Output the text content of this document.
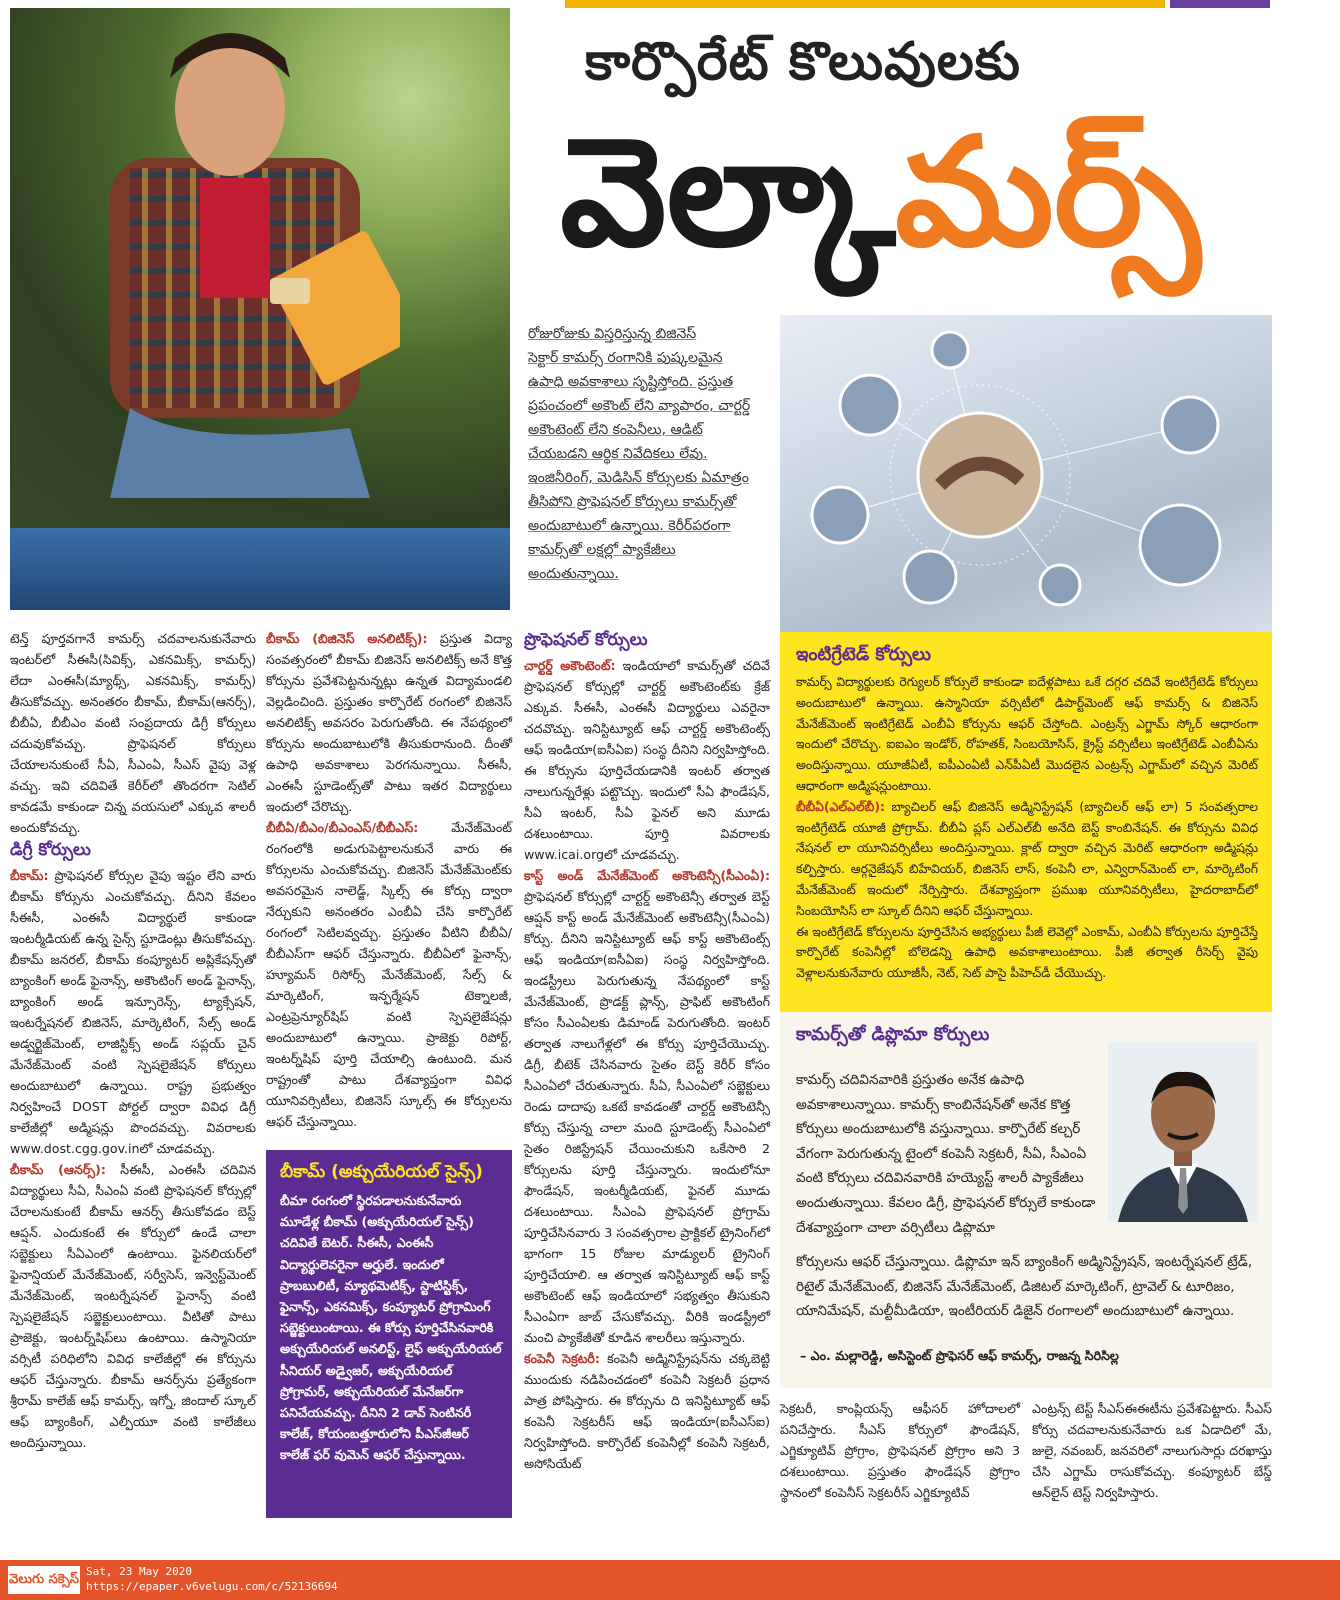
కార్పొరేట్ కొలువులకు
వెల్కామర్స్

రోజురోజుకు విస్తరిస్తున్న బిజినెస్

సెక్టార్ కామర్స్ రంగానికి పుష్కలమైన

ఉపాధి అవకాశాలు సృష్టిస్తోంది. ప్రస్తుత

ప్రపంచంలో అకౌంట్ లేని వ్యాపారం, చార్టర్డ్

అకౌంటెంట్ లేని కంపెనీలు, ఆడిట్

చేయబడని ఆర్థిక నివేదికలు లేవు.

ఇంజినీరింగ్, మెడిసిన్ కోర్సులకు ఏమాత్రం

తీసిపోని ప్రొఫెషనల్ కోర్సులు కామర్స్‌తో

అందుబాటులో ఉన్నాయి. కెరీర్‌పరంగా

కామర్స్‌తో లక్షల్లో ప్యాకేజీలు

అందుతున్నాయి.

టెన్త్ పూర్తవగానే కామర్స్ చదవాలనుకునేవారు ఇంటర్‌లో సీఈసీ(సివిక్స్, ఎకనమిక్స్, కామర్స్) లేదా ఎంఈసీ(మ్యాథ్స్, ఎకనమిక్స్, కామర్స్) తీసుకోవచ్చు. అనంతరం బీకామ్, బీకామ్(ఆనర్స్), బీబీఏ, బీబీఎం వంటి సంప్రదాయ డిగ్రీ కోర్సులు చదువుకోవచ్చు. ప్రొఫెషనల్ కోర్సులు చేయాలనుకుంటే సీఏ, సీఎంఏ, సీఎస్ వైపు వెళ్ల వచ్చు. ఇవి చదివితే కెరీర్‌లో తొందరగా సెటిల్ కావడమే కాకుండా చిన్న వయసులో ఎక్కువ శాలరీ అందుకోవచ్చు.

డిగ్రీ కోర్సులు

బీకామ్: ప్రొఫెషనల్ కోర్సుల వైపు ఇష్టం లేని వారు బీకామ్ కోర్సును ఎంచుకోవచ్చు. దీనిని కేవలం సీఈసీ, ఎంఈసీ విద్యార్థులే కాకుండా ఇంటర్మీడియట్ ఉన్న సైన్స్ స్టూడెంట్లు తీసుకోవచ్చు. బీకామ్ జనరల్, బీకామ్ కంప్యూటర్ అప్లికేషన్స్‌తో బ్యాంకింగ్ అండ్ ఫైనాన్స్, అకౌంటింగ్ అండ్ ఫైనాన్స్, బ్యాంకింగ్ అండ్ ఇన్సూరెన్స్, ట్యాక్సేషన్, ఇంటర్నేషనల్ బిజినెస్, మార్కెటింగ్, సేల్స్ అండ్ అడ్వర్టైజ్‌మెంట్, లాజిస్టిక్స్ అండ్ సప్లయ్ చైన్ మేనేజ్‌మెంట్ వంటి స్పెషలైజేషన్ కోర్సులు అందుబాటులో ఉన్నాయి. రాష్ట్ర ప్రభుత్వం నిర్వహించే DOST పోర్టల్ ద్వారా వివిధ డిగ్రీ కాలేజీల్లో అడ్మిషన్లు పొందవచ్చు. వివరాలకు www.dost.cgg.gov.inలో చూడవచ్చు.

బీకామ్ (ఆనర్స్): సీఈసీ, ఎంఈసీ చదివిన విద్యార్థులు సీఏ, సీఎంఏ వంటి ప్రొఫెషనల్ కోర్సుల్లో చేరాలనుకుంటే బీకామ్ ఆనర్స్ తీసుకోవడం బెస్ట్ ఆప్షన్. ఎందుకంటే ఈ కోర్సులో ఉండే చాలా సబ్జెక్టులు సీఏఎంలో ఉంటాయి. ఫైనలియర్‌లో ఫైనాన్షియల్ మేనేజ్‌మెంట్, సర్వీసెస్, ఇన్వెస్ట్‌మెంట్ మేనేజ్‌మెంట్, ఇంటర్నేషనల్ ఫైనాన్స్ వంటి స్పెషలైజేషన్ సబ్జెక్టులుంటాయి. వీటితో పాటు ప్రాజెక్టు, ఇంటర్న్‌షిప్‌లు ఉంటాయి. ఉస్మానియా వర్సిటీ పరిధిలోని వివిధ కాలేజీల్లో ఈ కోర్సును ఆఫర్ చేస్తున్నారు. బీకామ్ ఆనర్స్‌ను ప్రత్యేకంగా శ్రీరామ్ కాలేజ్ ఆఫ్ కామర్స్, ఇగ్నో, జిందాల్ స్కూల్ ఆఫ్ బ్యాంకింగ్, ఎల్పీయూ వంటి కాలేజీలు అందిస్తున్నాయి.

బీకామ్ (బిజినెస్ అనలిటిక్స్): ప్రస్తుత విద్యా సంవత్సరంలో బీకామ్ బిజినెస్ అనలిటిక్స్ అనే కొత్త కోర్సును ప్రవేశపెట్టనున్నట్లు ఉన్నత విద్యామండలి వెల్లడించింది. ప్రస్తుతం కార్పొరేట్ రంగంలో బిజినెస్ అనలిటిక్స్ అవసరం పెరుగుతోంది. ఈ నేపథ్యంలో కోర్సును అందుబాటులోకి తీసుకురానుంది. దీంతో ఉపాధి అవకాశాలు పెరగనున్నాయి. సీఈసీ, ఎంఈసీ స్టూడెంట్స్‌తో పాటు ఇతర విద్యార్థులు ఇందులో చేరొచ్చు.

బీబీఏ/బీఎం/బీఎంఎస్/బీబీఎస్: మేనేజ్‌మెంట్ రంగంలోకి అడుగుపెట్టాలనుకునే వారు ఈ కోర్సులను ఎంచుకోవచ్చు. బిజినెస్ మేనేజ్‌మెంట్‌కు అవసరమైన నాలెడ్జ్, స్కిల్స్ ఈ కోర్సు ద్వారా నేర్చుకుని అనంతరం ఎంబీఏ చేసి కార్పొరేట్ రంగంలో సెటిలవ్వచ్చు. ప్రస్తుతం వీటిని బీబీఏ/బీబీఎస్‌గా ఆఫర్ చేస్తున్నారు. బీబీఏలో ఫైనాన్స్, హ్యూమన్ రిసోర్స్ మేనేజ్‌మెంట్, సేల్స్ & మార్కెటింగ్, ఇన్ఫర్మేషన్ టెక్నాలజీ, ఎంట్రప్రెన్యూర్‌షిప్ వంటి స్పెషలైజేషన్లు అందుబాటులో ఉన్నాయి. ప్రాజెక్టు రిపోర్ట్, ఇంటర్న్‌షిప్ పూర్తి చేయాల్సి ఉంటుంది. మన రాష్ట్రంతో పాటు దేశవ్యాప్తంగా వివిధ యూనివర్సిటీలు, బిజినెస్ స్కూల్స్ ఈ కోర్సులను ఆఫర్ చేస్తున్నాయి.

బీకామ్ (అక్చుయేరియల్ సైన్స్)
బీమా రంగంలో స్థిరపడాలనుకునేవారు మూడేళ్ల బీకామ్ (అక్చుయేరియల్ సైన్స్) చదివితే బెటర్. సీఈసీ, ఎంఈసీ విద్యార్థులెవరైనా అర్హులే. ఇందులో ప్రాబబులిటీ, మ్యాథమెటిక్స్, స్టాటిస్టిక్స్, ఫైనాన్స్, ఎకనమిక్స్, కంప్యూటర్ ప్రోగ్రామింగ్ సబ్జెక్టులుంటాయి. ఈ కోర్సు పూర్తిచేసినవారికి అక్చుయేరియల్ అనలిస్ట్, లైఫ్ అక్చుయేరియల్ సీనియర్ అడ్వైజర్, అక్చుయేరియల్ ప్రోగ్రామర్, అక్చుయేరియల్ మేనేజర్‌గా పనిచేయవచ్చు. దీనిని 2 డావ్ సెంటినరీ కాలేజ్, కోయంబత్తూరులోని పీఎస్‌జీఆర్ కాలేజ్ ఫర్ వుమెన్ ఆఫర్ చేస్తున్నాయి.
ప్రొఫెషనల్ కోర్సులు

చార్టర్డ్ అకౌంటెంట్: ఇండియాలో కామర్స్‌తో చదివే ప్రొఫెషనల్ కోర్సుల్లో చార్టర్డ్ అకౌంటెంట్‌కు క్రేజ్ ఎక్కువ. సీఈసీ, ఎంఈసీ విద్యార్థులు ఎవరైనా చదవొచ్చు. ఇనిస్టిట్యూట్ ఆఫ్ చార్టర్డ్ అకౌంటెంట్స్ ఆఫ్ ఇండియా(ఐసీఏఐ) సంస్థ దీనిని నిర్వహిస్తోంది. ఈ కోర్సును పూర్తిచేయడానికి ఇంటర్ తర్వాత నాలుగున్నరేళ్లు పట్టొచ్చు. ఇందులో సీఏ ఫౌండేషన్, సీఏ ఇంటర్, సీఏ ఫైనల్ అని మూడు దశలుంటాయి. పూర్తి వివరాలకు www.icai.orgలో చూడవచ్చు.

కాస్ట్ అండ్ మేనేజ్‌మెంట్ అకౌంటెన్సీ(సీఎంఏ): ప్రొఫెషనల్ కోర్సుల్లో చార్టర్డ్ అకౌంటెన్సీ తర్వాత బెస్ట్ ఆప్షన్ కాస్ట్ అండ్ మేనేజ్‌మెంట్ అకౌంటెన్సీ(సీఎంఏ) కోర్సు. దీనిని ఇనిస్టిట్యూట్ ఆఫ్ కాస్ట్ అకౌంటెంట్స్ ఆఫ్ ఇండియా(ఐసీఏఐ) సంస్థ నిర్వహిస్తోంది. ఇండస్ట్రీలు పెరుగుతున్న నేపథ్యంలో కాస్ట్ మేనేజ్‌మెంట్, ప్రొడక్ట్ ప్లాన్స్, ప్రాఫిట్ అకౌంటింగ్ కోసం సీఎంఏలకు డిమాండ్ పెరుగుతోంది. ఇంటర్ తర్వాత నాలుగేళ్లలో ఈ కోర్సు పూర్తిచేయొచ్చు. డిగ్రీ, బీటెక్ చేసినవారు సైతం బెస్ట్ కెరీర్ కోసం సీఎంఏలో చేరుతున్నారు. సీఏ, సీఎంఏలో సబ్జెక్టులు రెండు దాదాపు ఒకటే కావడంతో చార్టర్డ్ అకౌంటెన్సీ కోర్సు చేస్తున్న చాలా మంది స్టూడెంట్స్ సీఎంఏలో సైతం రిజిస్ట్రేషన్ చేయించుకుని ఒకేసారి 2 కోర్సులను పూర్తి చేస్తున్నారు. ఇందులోనూ ఫౌండేషన్, ఇంటర్మీడియట్, ఫైనల్ మూడు దశలుంటాయి. సీఎంఏ ప్రొఫెషనల్ ప్రోగ్రామ్ పూర్తిచేసినవారు 3 సంవత్సరాల ప్రాక్టికల్ ట్రైనింగ్‌లో భాగంగా 15 రోజుల మాడ్యులర్ ట్రైనింగ్ పూర్తిచేయాలి. ఆ తర్వాత ఇనిస్టిట్యూట్ ఆఫ్ కాస్ట్ అకౌంటెంట్ ఆఫ్ ఇండియాలో సభ్యత్వం తీసుకుని సీఎంఏగా జాబ్ చేసుకోవచ్చు. వీరికి ఇండస్ట్రీలో మంచి ప్యాకేజీతో కూడిన శాలరీలు ఇస్తున్నారు.

కంపెనీ సెక్రటరీ: కంపెనీ అడ్మినిస్ట్రేషన్‌ను చక్కబెట్టి ముందుకు నడిపించడంలో కంపెనీ సెక్రటరీ ప్రధాన పాత్ర పోషిస్తారు. ఈ కోర్సును ది ఇనిస్టిట్యూట్ ఆఫ్ కంపెనీ సెక్రటరీస్ ఆఫ్ ఇండియా(ఐసీఎస్ఐ) నిర్వహిస్తోంది. కార్పొరేట్ కంపెనీల్లో కంపెనీ సెక్రటరీ, అసోసియేట్

ఇంటిగ్రేటెడ్ కోర్సులు

కామర్స్ విద్యార్థులకు రెగ్యులర్ కోర్సులే కాకుండా ఐదేళ్లపాటు ఒకే దగ్గర చదివే ఇంటిగ్రేటెడ్ కోర్సులు అందుబాటులో ఉన్నాయి. ఉస్మానియా వర్సిటీలో డిపార్ట్‌మెంట్ ఆఫ్ కామర్స్ & బిజినెస్ మేనేజ్‌మెంట్ ఇంటిగ్రేటెడ్ ఎంబీఏ కోర్సును ఆఫర్ చేస్తోంది. ఎంట్రన్స్ ఎగ్జామ్ స్కోర్ ఆధారంగా ఇందులో చేరొచ్చు. ఐఐఎం ఇండోర్, రోహతక్, సింబయోసిస్, క్రైస్ట్ వర్సిటీలు ఇంటిగ్రేటెడ్ ఎంబీఏను అందిస్తున్నాయి. యూజీఏటీ, ఐపీఎంఏటీ ఎన్‌పీఏటీ మొదలైన ఎంట్రన్స్ ఎగ్జామ్‌లో వచ్చిన మెరిట్ ఆధారంగా అడ్మిషన్లుంటాయి.

బీబీఏ(ఎల్ఎల్‌బీ): బ్యాచిలర్ ఆఫ్ బిజినెస్ అడ్మినిస్ట్రేషన్ (బ్యాచిలర్ ఆఫ్ లా) 5 సంవత్సరాల ఇంటిగ్రేటెడ్ యూజీ ప్రోగ్రామ్. బీబీఏ ప్లస్ ఎల్ఎల్‌బీ అనేది బెస్ట్ కాంబినేషన్. ఈ కోర్సును వివిధ నేషనల్ లా యూనివర్సిటీలు అందిస్తున్నాయి. క్లాట్ ద్వారా వచ్చిన మెరిట్ ఆధారంగా అడ్మిషన్లు కల్పిస్తారు. ఆర్గనైజేషన్ బిహేవియర్, బిజినెస్ లాస్, కంపెనీ లా, ఎన్విరాన్‌మెంట్ లా, మార్కెటింగ్ మేనేజ్‌మెంట్ ఇందులో నేర్పిస్తారు. దేశవ్యాప్తంగా ప్రముఖ యూనివర్సిటీలు, హైదరాబాద్‌లో సింబయోసిస్ లా స్కూల్ దీనిని ఆఫర్ చేస్తున్నాయి.

ఈ ఇంటిగ్రేటెడ్ కోర్సులను పూర్తిచేసిన అభ్యర్థులు పీజీ లెవెల్లో ఎంకామ్, ఎంబీఏ కోర్సులను పూర్తిచేస్తే కార్పొరేట్ కంపెనీల్లో బోలెడన్ని ఉపాధి అవకాశాలుంటాయి. పీజీ తర్వాత రీసెర్చ్ వైపు వెళ్లాలనుకునేవారు యూజీసీ, నెట్, సెట్ పాసై పీహెచ్‌డీ చేయొచ్చు.

కామర్స్‌తో డిప్లొమా కోర్సులు
కామర్స్ చదివినవారికి ప్రస్తుతం అనేక ఉపాధి అవకాశాలున్నాయి. కామర్స్ కాంబినేషన్‌తో అనేక కొత్త కోర్సులు అందుబాటులోకి వస్తున్నాయి. కార్పొరేట్ కల్చర్ వేగంగా పెరుగుతున్న టైంలో కంపెనీ సెక్రటరీ, సీఏ, సీఎంఏ వంటి కోర్సులు చదివినవారికి హయ్యెస్ట్ శాలరీ ప్యాకేజీలు అందుతున్నాయి. కేవలం డిగ్రీ, ప్రొఫెషనల్ కోర్సులే కాకుండా దేశవ్యాప్తంగా చాలా వర్సిటీలు డిప్లొమా
కోర్సులను ఆఫర్ చేస్తున్నాయి. డిప్లొమా ఇన్ బ్యాంకింగ్ అడ్మినిస్ట్రేషన్, ఇంటర్నేషనల్ ట్రేడ్, రిటైల్ మేనేజ్‌మెంట్, బిజినెస్ మేనేజ్‌మెంట్, డిజిటల్ మార్కెటింగ్, ట్రావెల్ & టూరిజం, యానిమేషన్, మల్టీమీడియా, ఇంటీరియర్ డిజైన్ రంగాలలో అందుబాటులో ఉన్నాయి.
– ఎం. మల్లారెడ్డి, అసిస్టెంట్ ప్రొఫెసర్ ఆఫ్ కామర్స్, రాజన్న సిరిసిల్ల
సెక్రటరీ, కాంప్లియన్స్ ఆఫీసర్ హోదాలలో పనిచేస్తారు. సీఎస్ కోర్సులో ఫౌండేషన్, ఎగ్జిక్యూటివ్ ప్రోగ్రాం, ప్రొఫెషనల్ ప్రోగ్రాం అని 3 దశలుంటాయి. ప్రస్తుతం ఫౌండేషన్ ప్రోగ్రాం స్థానంలో కంపెనీస్ సెక్రటరీస్ ఎగ్జిక్యూటివ్
ఎంట్రన్స్ టెస్ట్ సీఎస్ఈఈటీను ప్రవేశపెట్టారు. సీఎస్ కోర్సు చదవాలనుకునేవారు ఒక ఏడాదిలో మే, జులై, నవంబర్, జనవరిలో నాలుగుసార్లు దరఖాస్తు చేసి ఎగ్జామ్ రాసుకోవచ్చు. కంప్యూటర్ బేస్డ్ ఆన్‌లైన్ టెస్ట్ నిర్వహిస్తారు.
వెలుగు సక్సెస్
Sat, 23 May 2020
https://epaper.v6velugu.com/c/52136694
